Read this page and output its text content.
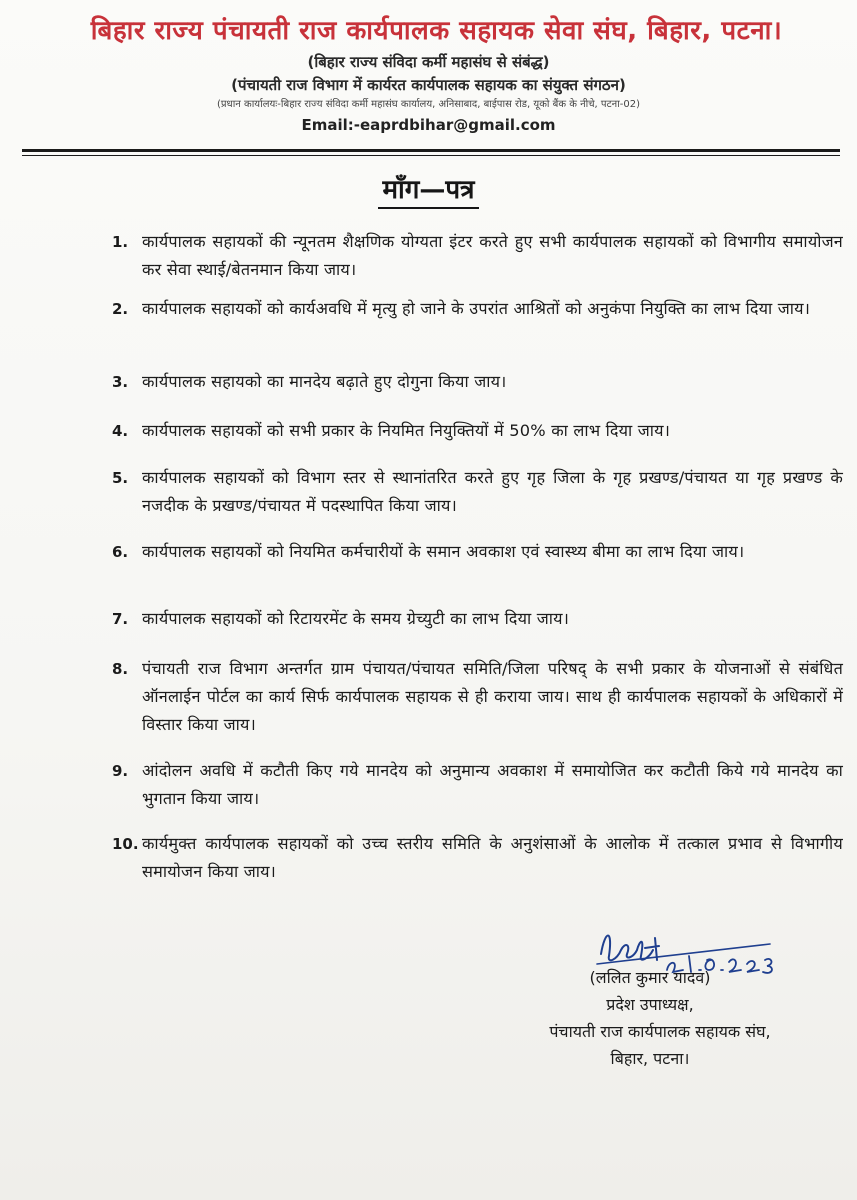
बिहार राज्य पंचायती राज कार्यपालक सहायक सेवा संघ, बिहार, पटना।
(बिहार राज्य संविदा कर्मी महासंघ से संबंद्ध)
(पंचायती राज विभाग में कार्यरत कार्यपालक सहायक का संयुक्त संगठन)
(प्रधान कार्यालयः-बिहार राज्य संविदा कर्मी महासंघ कार्यालय, अनिसाबाद, बाईपास रोड, यूको बैंक के नीचे, पटना-02)
Email:-eaprdbihar@gmail.com
माँग—पत्र
1. कार्यपालक सहायकों की न्यूनतम शैक्षणिक योग्यता इंटर करते हुए सभी कार्यपालक सहायकों को विभागीय समायोजन कर सेवा स्थाई/बेतनमान किया जाय।
2. कार्यपालक सहायकों को कार्यअवधि में मृत्यु हो जाने के उपरांत आश्रितों को अनुकंपा नियुक्ति का लाभ दिया जाय।
3. कार्यपालक सहायको का मानदेय बढ़ाते हुए दोगुना किया जाय।
4. कार्यपालक सहायकों को सभी प्रकार के नियमित नियुक्तियों में 50% का लाभ दिया जाय।
5. कार्यपालक सहायकों को विभाग स्तर से स्थानांतरित करते हुए गृह जिला के गृह प्रखण्ड/पंचायत या गृह प्रखण्ड के नजदीक के प्रखण्ड/पंचायत में पदस्थापित किया जाय।
6. कार्यपालक सहायकों को नियमित कर्मचारीयों के समान अवकाश एवं स्वास्थ्य बीमा का लाभ दिया जाय।
7. कार्यपालक सहायकों को रिटायरमेंट के समय ग्रेच्युटी का लाभ दिया जाय।
8. पंचायती राज विभाग अन्तर्गत ग्राम पंचायत/पंचायत समिति/जिला परिषद् के सभी प्रकार के योजनाओं से संबंधित ऑनलाईन पोर्टल का कार्य सिर्फ कार्यपालक सहायक से ही कराया जाय। साथ ही कार्यपालक सहायकों के अधिकारों में विस्तार किया जाय।
9. आंदोलन अवधि में कटौती किए गये मानदेय को अनुमान्य अवकाश में समायोजित कर कटौती किये गये मानदेय का भुगतान किया जाय।
10. कार्यमुक्त कार्यपालक सहायकों को उच्च स्तरीय समिति के अनुशंसाओं के आलोक में तत्काल प्रभाव से विभागीय समायोजन किया जाय।
(ललित कुमार यादव)
प्रदेश उपाध्यक्ष,
पंचायती राज कार्यपालक सहायक संघ,
बिहार, पटना।
